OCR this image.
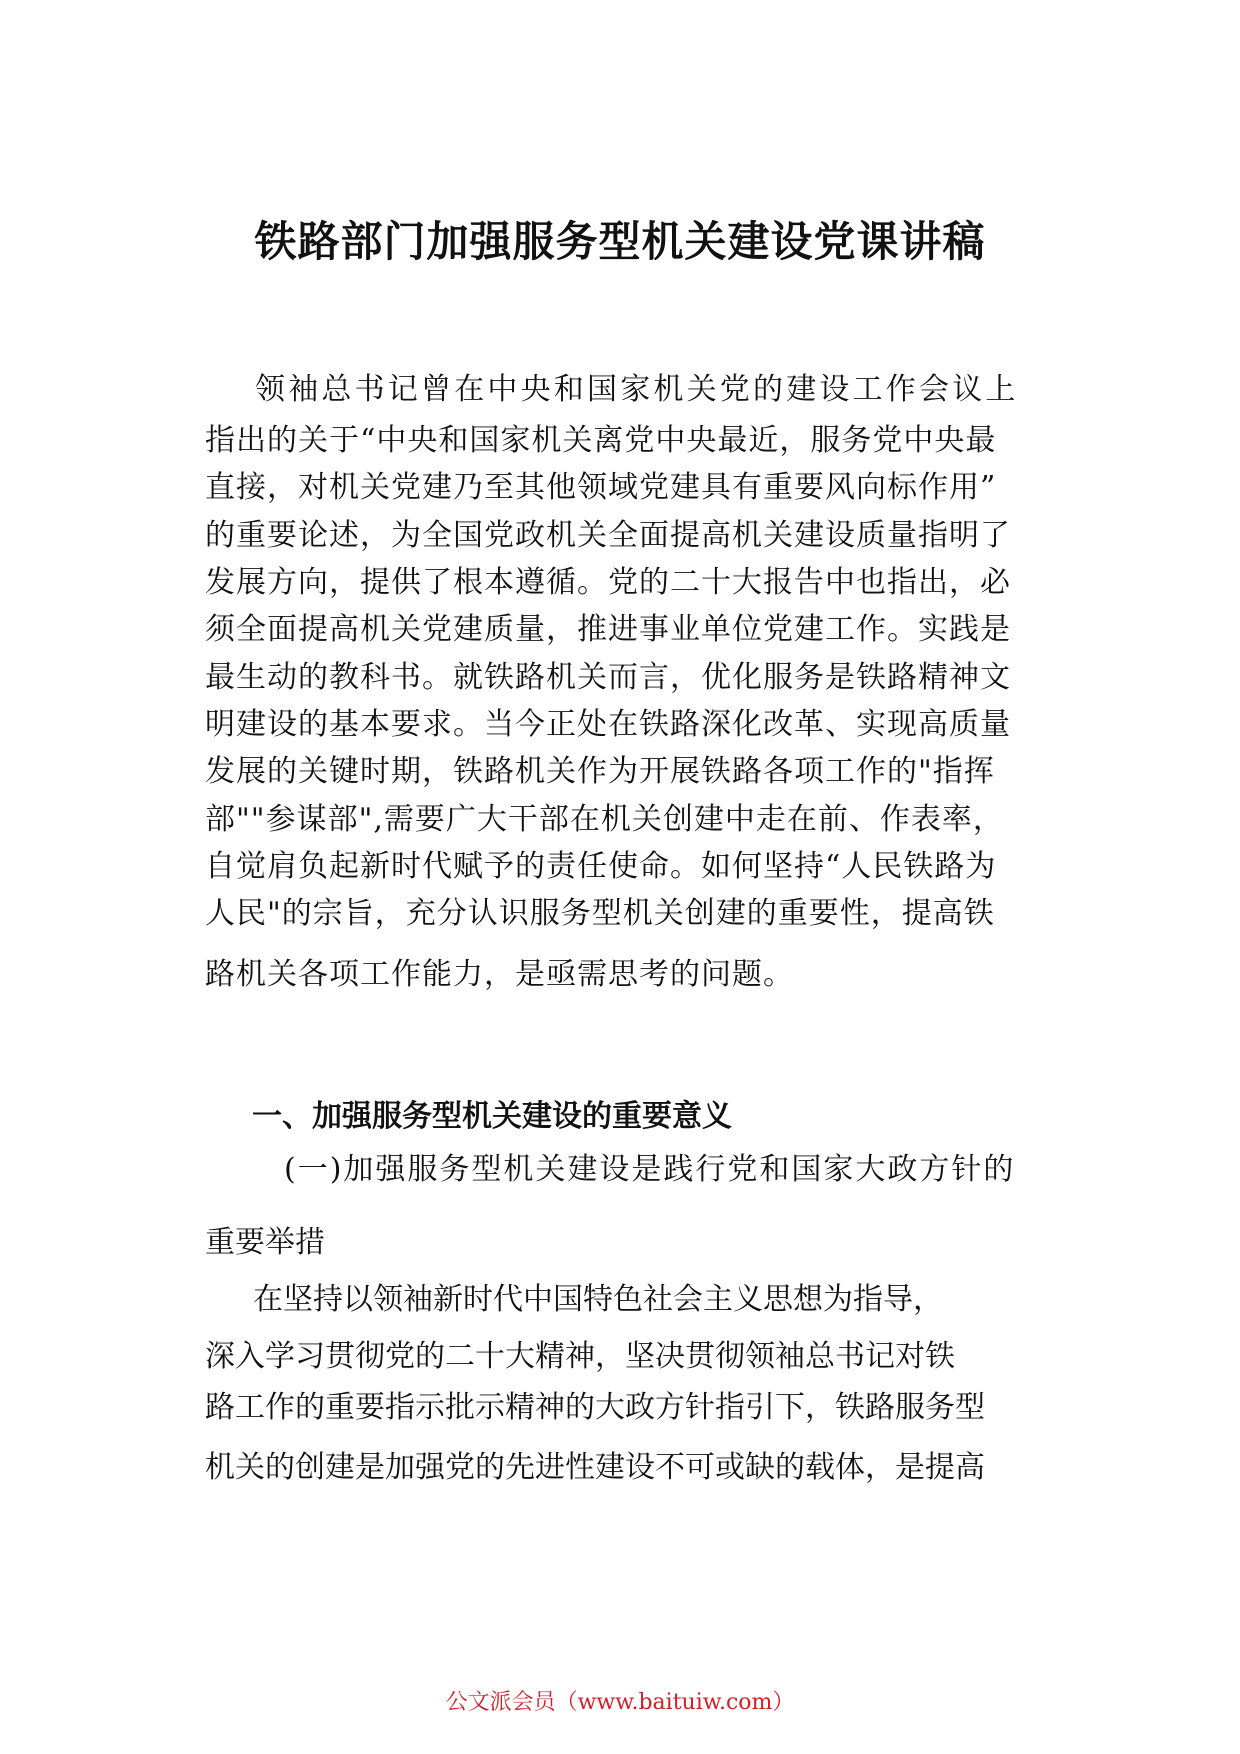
铁路部门加强服务型机关建设党课讲稿
领袖总书记曾在中央和国家机关党的建设工作会议上
指出的关于“中央和国家机关离党中央最近，服务党中央最
直接，对机关党建乃至其他领域党建具有重要风向标作用”
的重要论述，为全国党政机关全面提高机关建设质量指明了
发展方向，提供了根本遵循。党的二十大报告中也指出，必
须全面提高机关党建质量，推进事业单位党建工作。实践是
最生动的教科书。就铁路机关而言，优化服务是铁路精神文
明建设的基本要求。当今正处在铁路深化改革、实现高质量
发展的关键时期，铁路机关作为开展铁路各项工作的"指挥
部""参谋部",需要广大干部在机关创建中走在前、作表率，
自觉肩负起新时代赋予的责任使命。如何坚持“人民铁路为
人民"的宗旨，充分认识服务型机关创建的重要性，提高铁
路机关各项工作能力，是亟需思考的问题。
一、加强服务型机关建设的重要意义
(一)加强服务型机关建设是践行党和国家大政方针的
重要举措
在坚持以领袖新时代中国特色社会主义思想为指导，
深入学习贯彻党的二十大精神，坚决贯彻领袖总书记对铁
路工作的重要指示批示精神的大政方针指引下，铁路服务型
机关的创建是加强党的先进性建设不可或缺的载体，是提高
公文派会员（www.baituiw.com）
